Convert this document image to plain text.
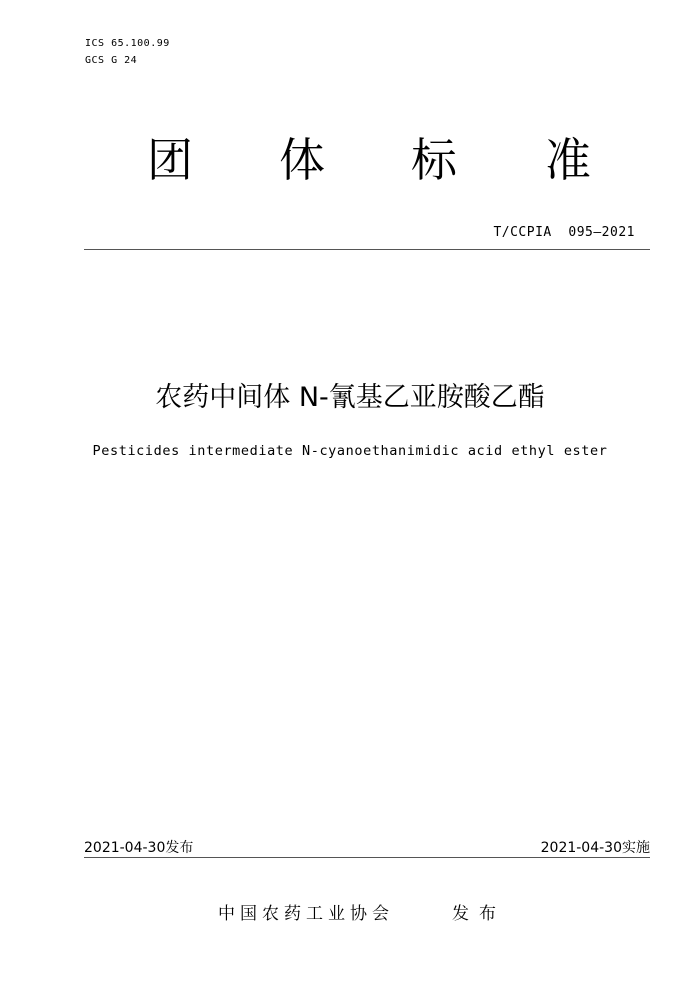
ICS 65.100.99
GCS G 24
团 体 标 准
T/CCPIA  095—2021
农药中间体 N-氰基乙亚胺酸乙酯
Pesticides intermediate N-cyanoethanimidic acid ethyl ester
2021-04-30发布	2021-04-30实施
中国农药工业协会	发布
